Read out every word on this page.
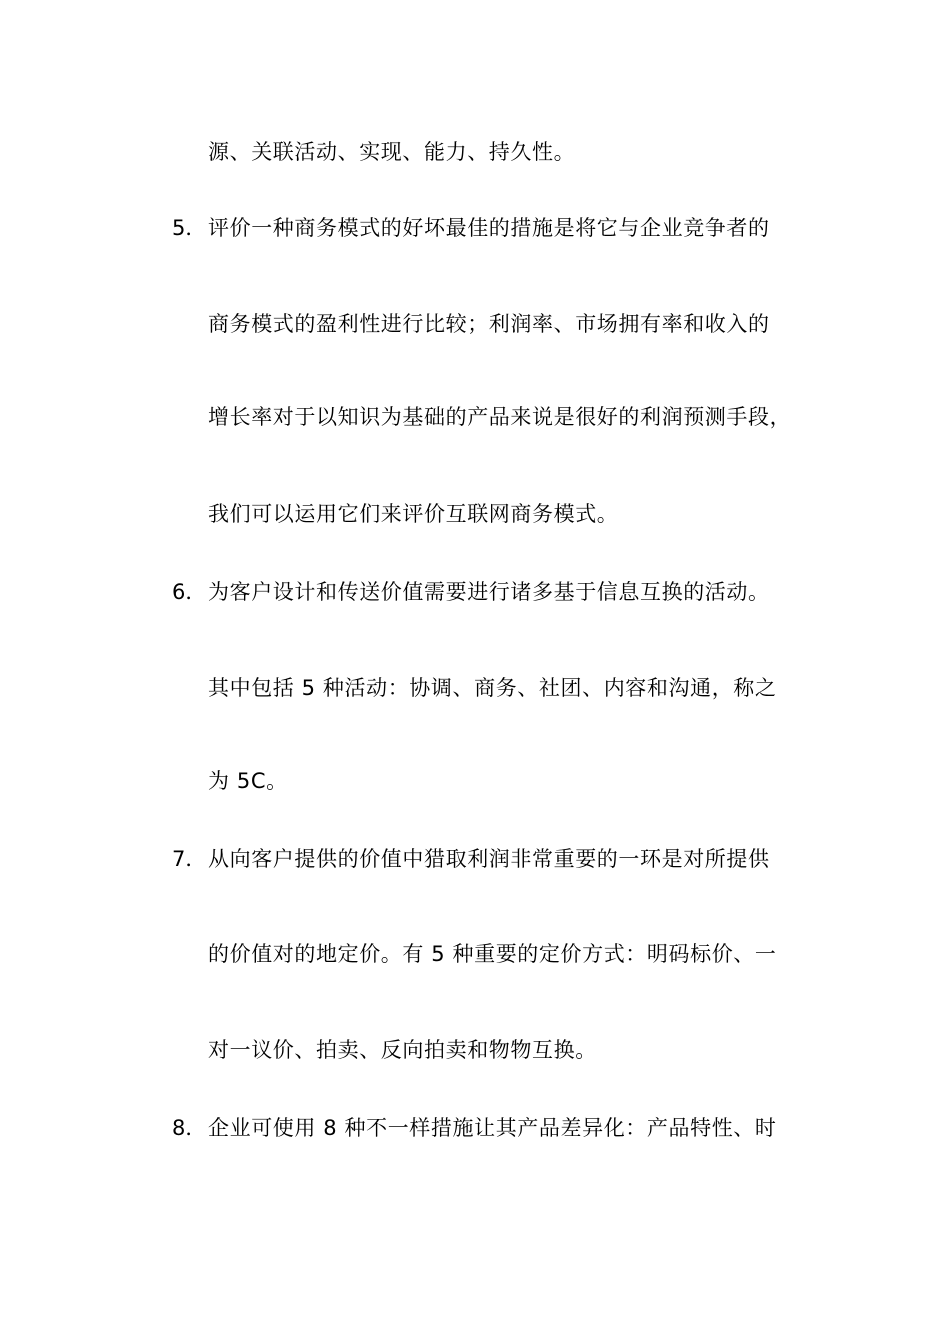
源、关联活动、实现、能力、持久性。
5． 评价一种商务模式的好坏最佳的措施是将它与企业竞争者的
商务模式的盈利性进行比较；利润率、市场拥有率和收入的
增长率对于以知识为基础的产品来说是很好的利润预测手段，
我们可以运用它们来评价互联网商务模式。
6． 为客户设计和传送价值需要进行诸多基于信息互换的活动。
其中包括 5 种活动：协调、商务、社团、内容和沟通，称之
为 5C。
7． 从向客户提供的价值中猎取利润非常重要的一环是对所提供
的价值对的地定价。有 5 种重要的定价方式：明码标价、一
对一议价、拍卖、反向拍卖和物物互换。
8． 企业可使用 8 种不一样措施让其产品差异化：产品特性、时
